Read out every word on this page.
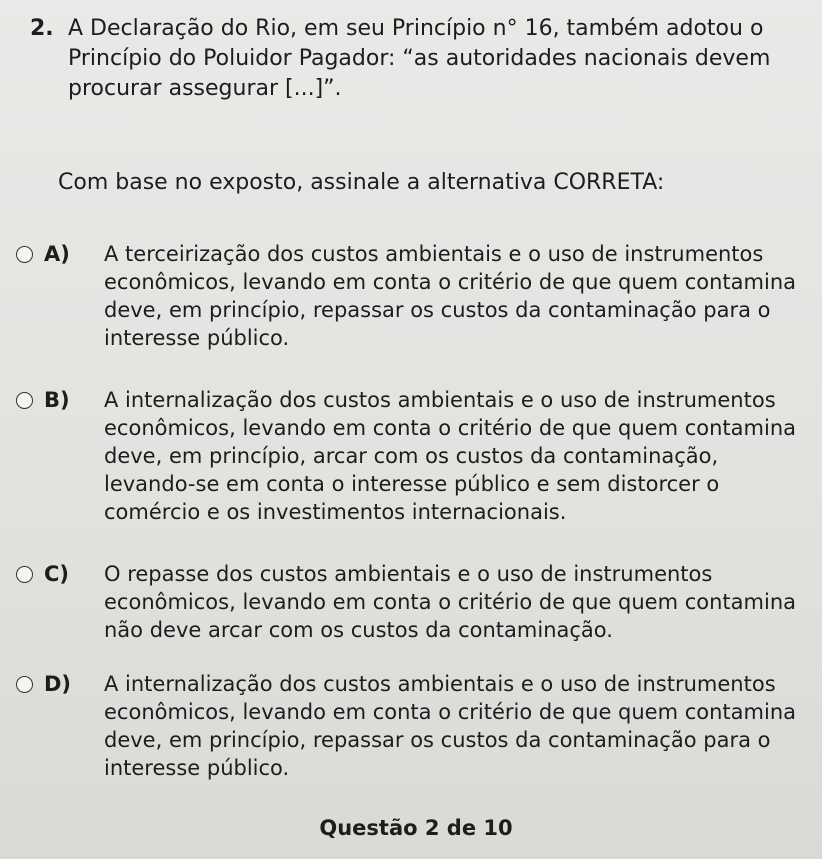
2. A Declaração do Rio, em seu Princípio n° 16, também adotou o Princípio do Poluidor Pagador: “as autoridades nacionais devem procurar assegurar [...]”.
Com base no exposto, assinale a alternativa CORRETA:
A) A terceirização dos custos ambientais e o uso de instrumentos econômicos, levando em conta o critério de que quem contamina deve, em princípio, repassar os custos da contaminação para o interesse público.
B) A internalização dos custos ambientais e o uso de instrumentos econômicos, levando em conta o critério de que quem contamina deve, em princípio, arcar com os custos da contaminação, levando-se em conta o interesse público e sem distorcer o comércio e os investimentos internacionais.
C) O repasse dos custos ambientais e o uso de instrumentos econômicos, levando em conta o critério de que quem contamina não deve arcar com os custos da contaminação.
D) A internalização dos custos ambientais e o uso de instrumentos econômicos, levando em conta o critério de que quem contamina deve, em princípio, repassar os custos da contaminação para o interesse público.
Questão 2 de 10
